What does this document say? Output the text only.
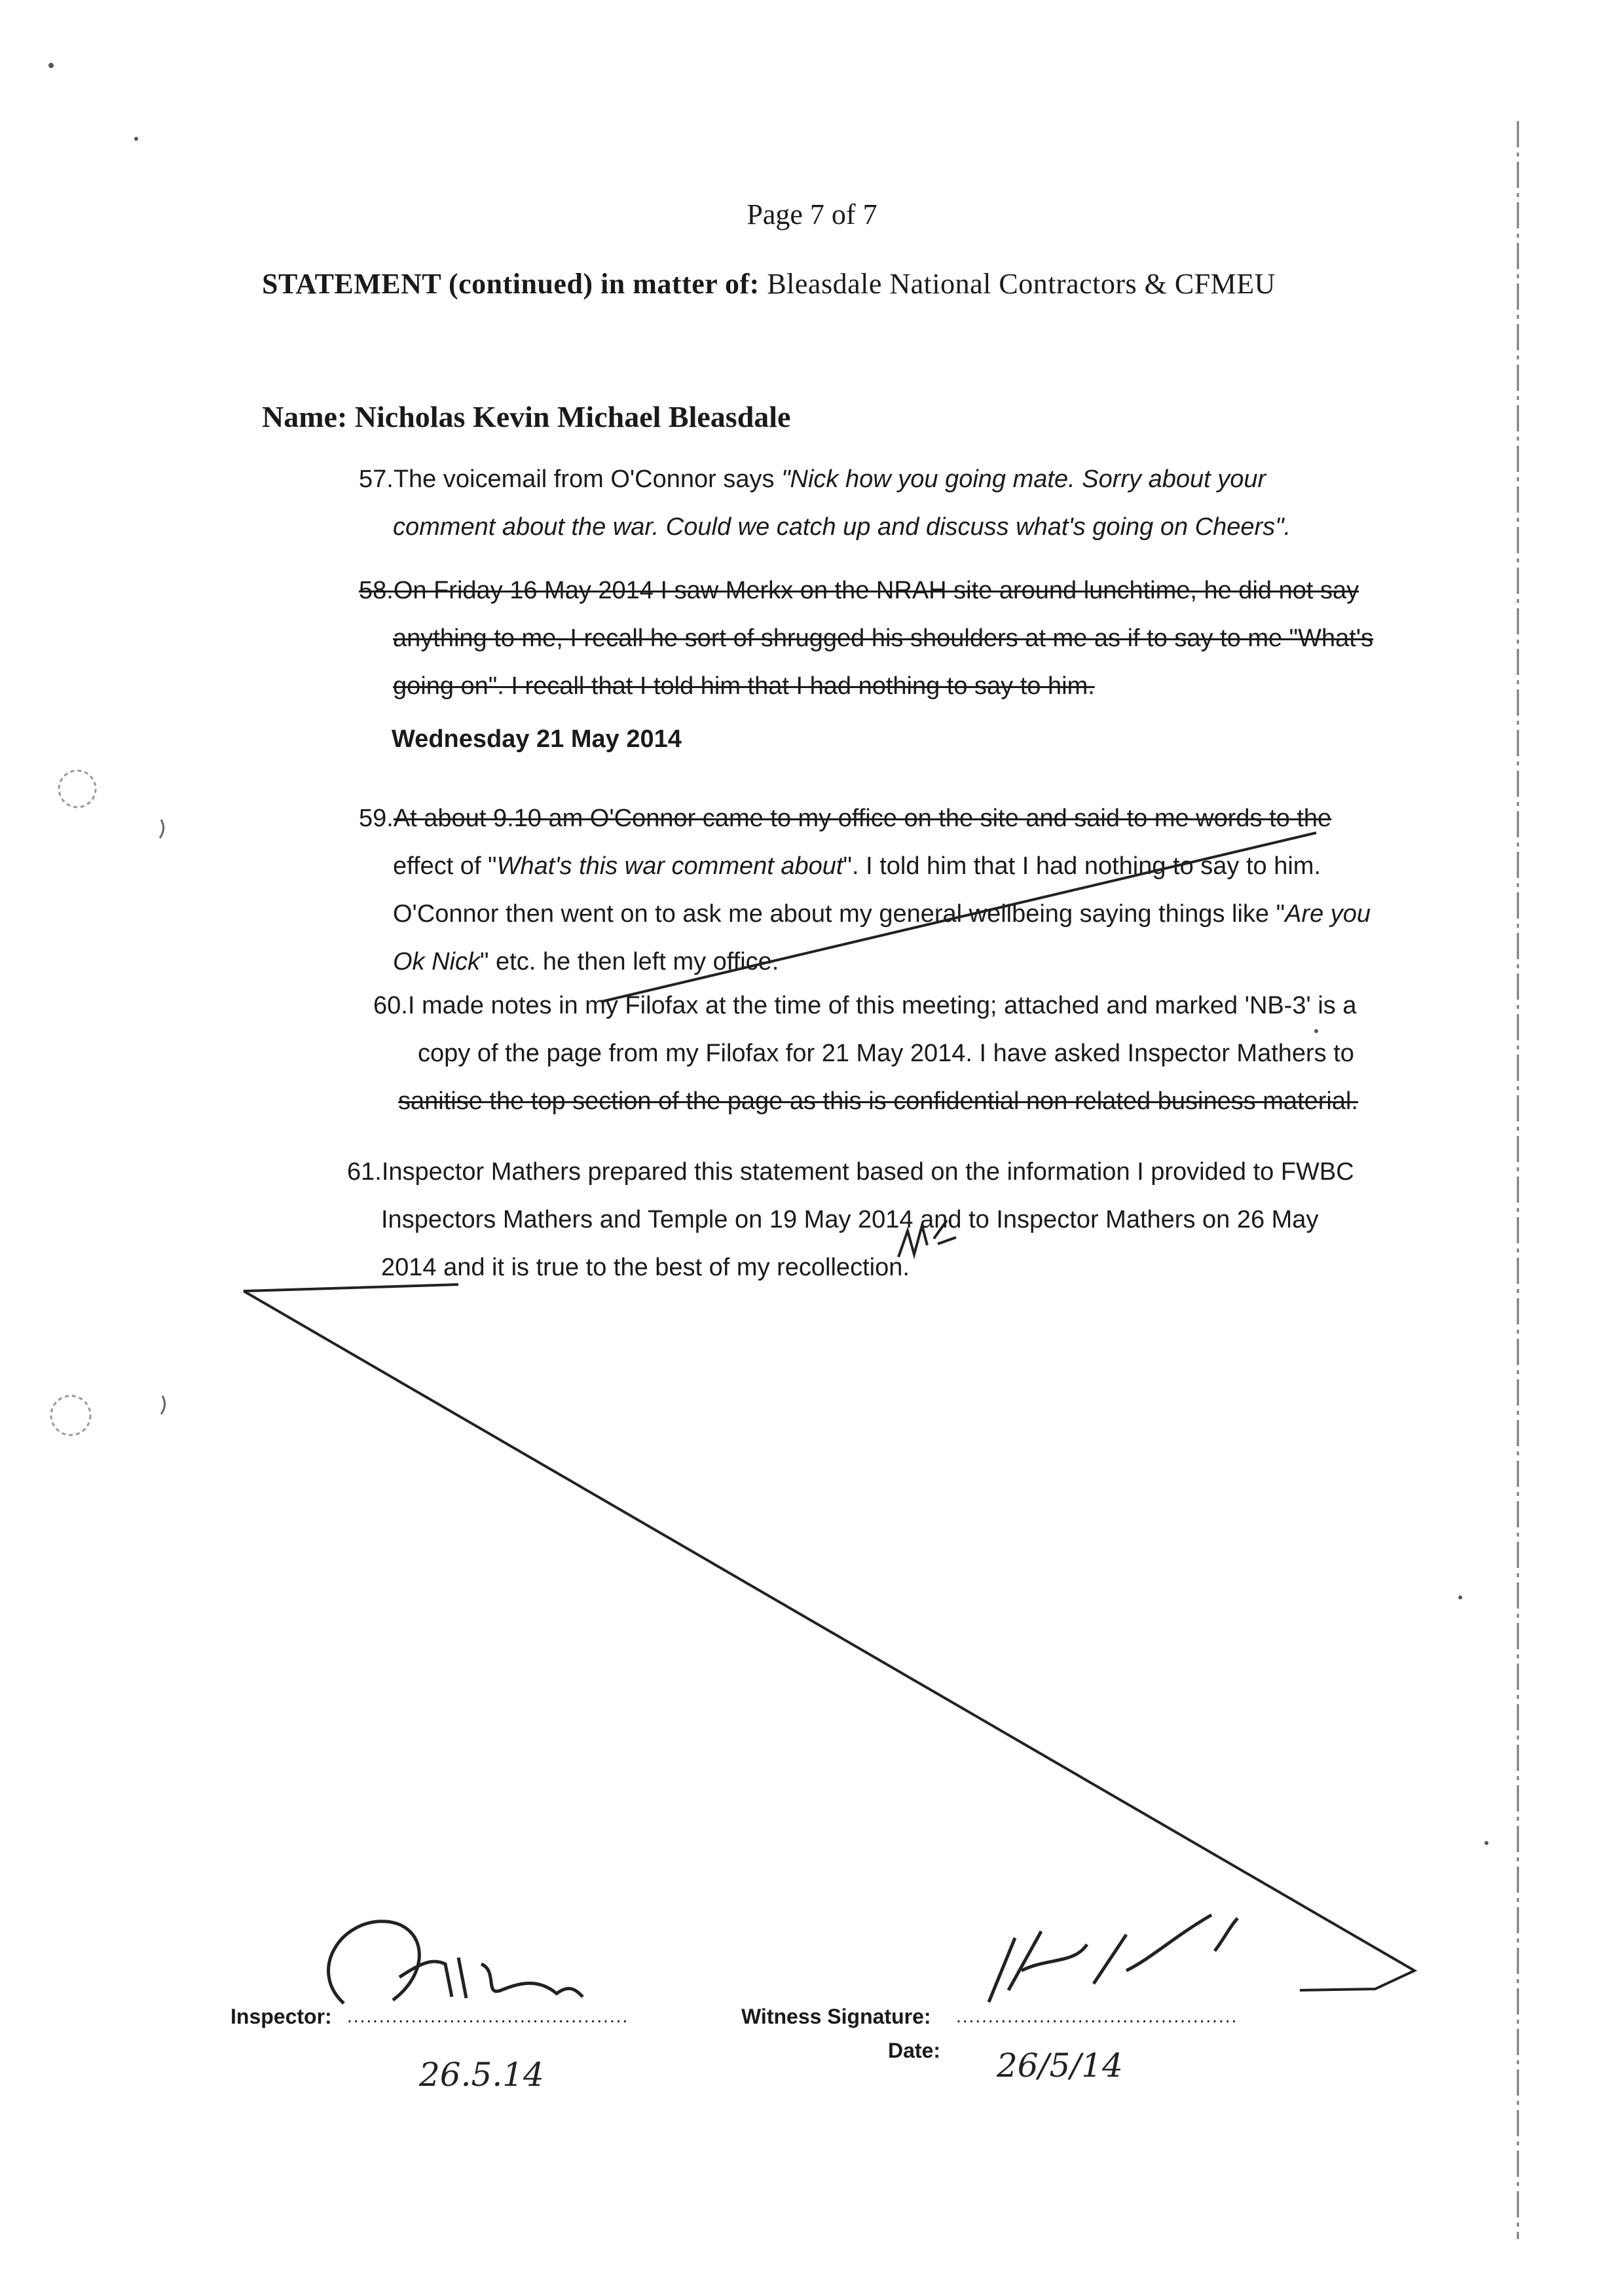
Page 7 of 7
STATEMENT (continued) in matter of: Bleasdale National Contractors & CFMEU
Name: Nicholas Kevin Michael Bleasdale
57.The voicemail from O'Connor says "Nick how you going mate. Sorry about your
comment about the war. Could we catch up and discuss what's going on Cheers".
58.On Friday 16 May 2014 I saw Merkx on the NRAH site around lunchtime, he did not say
anything to me, I recall he sort of shrugged his shoulders at me as if to say to me "What's
going on". I recall that I told him that I had nothing to say to him.
Wednesday 21 May 2014
59.At about 9.10 am O'Connor came to my office on the site and said to me words to the
effect of "What's this war comment about". I told him that I had nothing to say to him.
O'Connor then went on to ask me about my general wellbeing saying things like "Are you
Ok Nick" etc. he then left my office.
60.I made notes in my Filofax at the time of this meeting; attached and marked 'NB-3' is a
copy of the page from my Filofax for 21 May 2014. I have asked Inspector Mathers to
sanitise the top section of the page as this is confidential non related business material.
61.Inspector Mathers prepared this statement based on the information I provided to FWBC
Inspectors Mathers and Temple on 19 May 2014 and to Inspector Mathers on 26 May
2014 and it is true to the best of my recollection.
Inspector: ............................................
26.5.14
Witness Signature: ............................................
Date: 26/5/14
